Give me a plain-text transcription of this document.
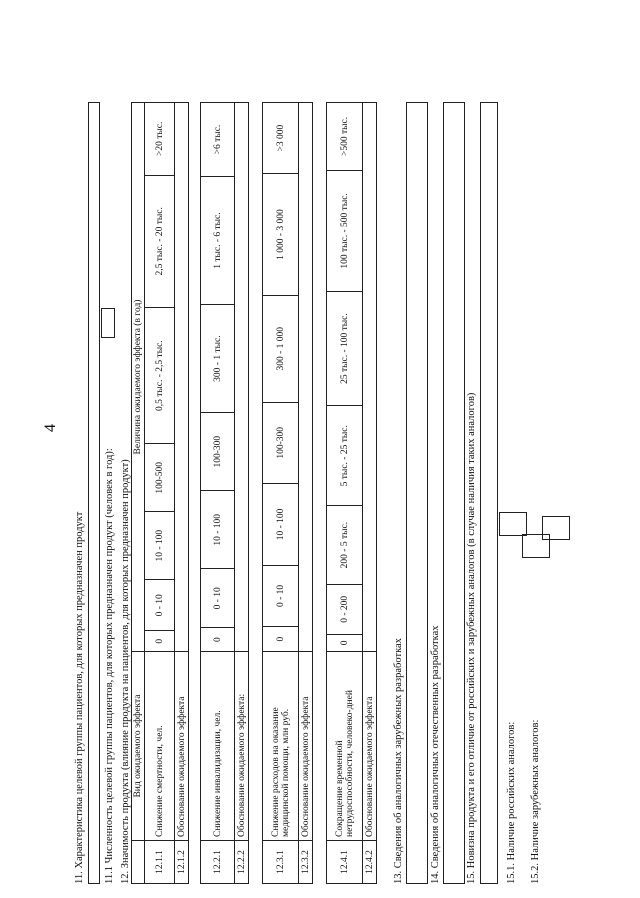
4
11. Характеристика целевой группы пациентов, для которых предназначен продукт 11.1 Численность целевой группы пациентов, для которых предназначен продукт (человек в год): 12. Значимость продукта (влияние продукта на пациентов, для которых предназначен продукт)
	Вид ожидаемого эффекта	Величина ожидаемого эффекта (в год)						

12.1.1	Снижение смертности, чел.	0	0 - 10	10 - 100	100-500	0,5 тыс. - 2,5 тыс.	2,5 тыс. - 20 тыс.	>20 тыс.
12.1.2	Обоснование ожидаемого эффекта							
12.2.1	Снижение инвалидизации, чел.	0	0 - 10	10 - 100	100-300	300 - 1 тыс.	1 тыс. - 6 тыс.	>6 тыс.
12.2.2	Обоснование ожидаемого эффекта:							
12.3.1	Снижение расходов на оказание медицинской помощи, млн руб.	0	0 - 10	10 - 100	100-300	300 - 1 000	1 000 - 3 000	>3 000
12.3.2	Обоснование ожидаемого эффекта							
12.4.1	Сокращение временной нетрудоспособности, человеко-дней	0	0 - 200	200 - 5 тыс.	5 тыс. - 25 тыс.	25 тыс. - 100 тыс.	100 тыс. - 500 тыс.	>500 тыс.
12.4.2	Обоснование ожидаемого эффекта							13. Сведения об аналогичных зарубежных разработках 14. Сведения об аналогичных отечественных разработках 15. Новизна продукта и его отличие от российских и зарубежных аналогов (в случае наличия таких аналогов)	15.1. Наличие российских аналогов: 15.2. Наличие зарубежных аналогов:
